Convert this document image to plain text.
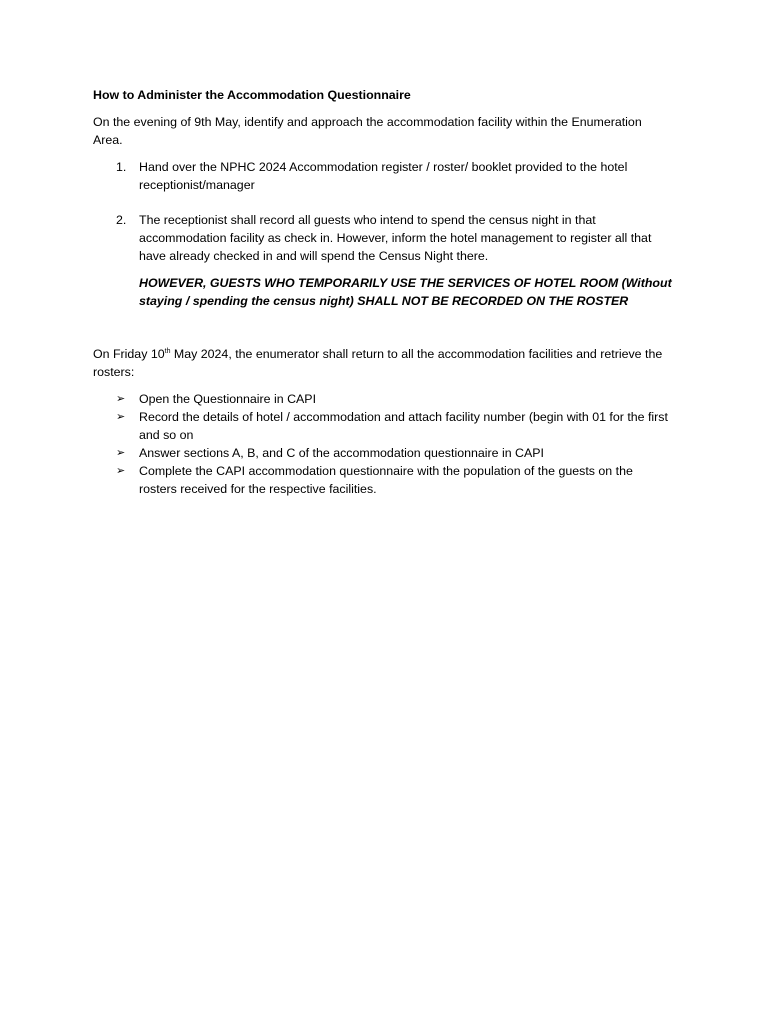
How to Administer the Accommodation Questionnaire

On the evening of 9th May, identify and approach the accommodation facility within the Enumeration Area.

1. Hand over the NPHC 2024 Accommodation register / roster/ booklet provided to the hotel receptionist/manager
2. The receptionist shall record all guests who intend to spend the census night in that accommodation facility as check in. However, inform the hotel management to register all that have already checked in and will spend the Census Night there.

HOWEVER, GUESTS WHO TEMPORARILY USE THE SERVICES OF HOTEL ROOM (Without staying / spending the census night) SHALL NOT BE RECORDED ON THE ROSTER

On Friday 10th May 2024, the enumerator shall return to all the accommodation facilities and retrieve the rosters:

➢ Open the Questionnaire in CAPI
➢ Record the details of hotel / accommodation and attach facility number (begin with 01 for the first and so on
➢ Answer sections A, B, and C of the accommodation questionnaire in CAPI
➢ Complete the CAPI accommodation questionnaire with the population of the guests on the rosters received for the respective facilities.
